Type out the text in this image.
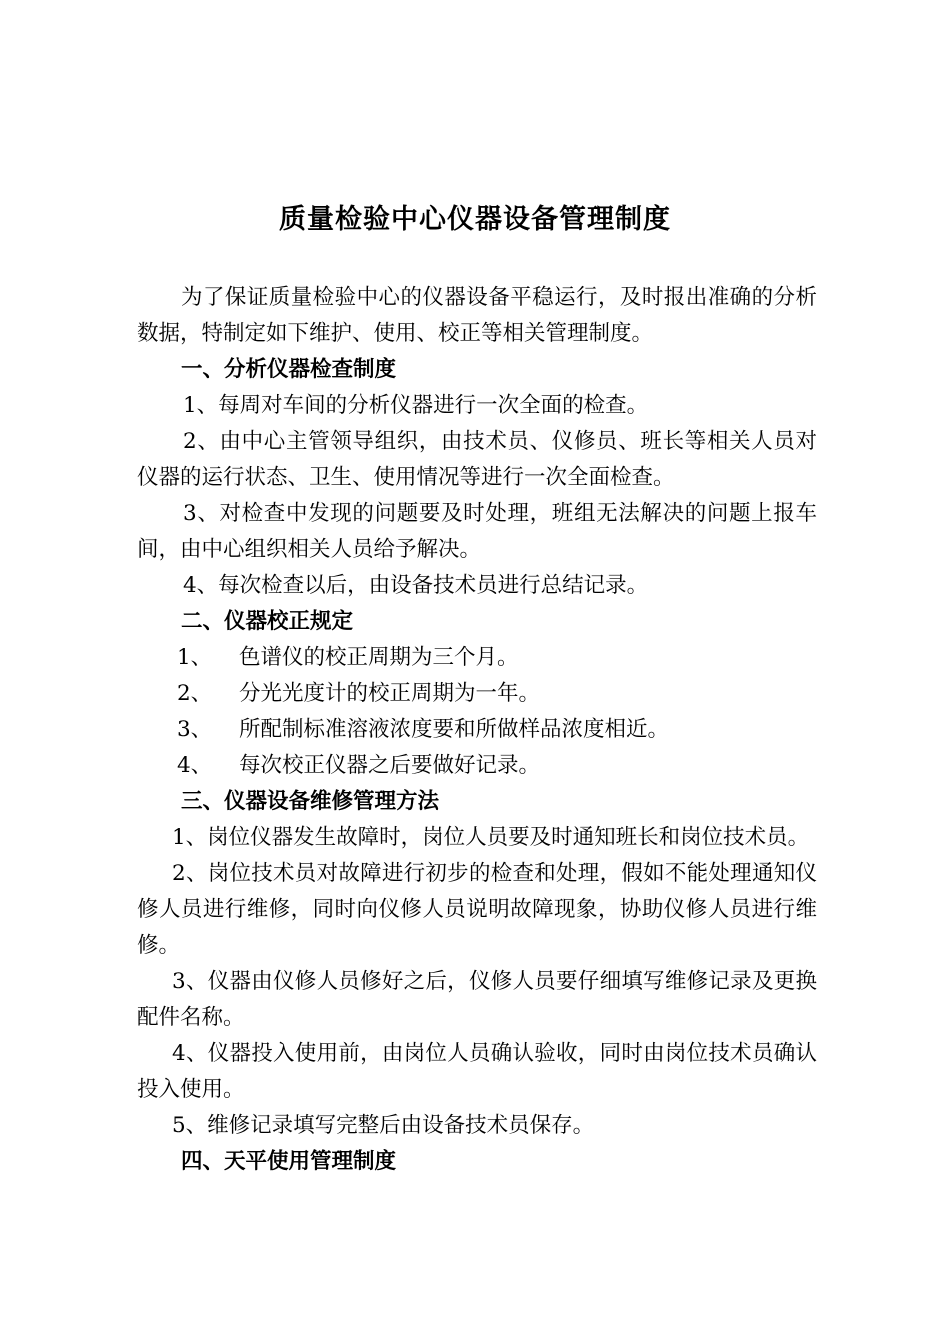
质量检验中心仪器设备管理制度

为了保证质量检验中心的仪器设备平稳运行，及时报出准确的分析数据，特制定如下维护、使用、校正等相关管理制度。

一、分析仪器检查制度

1、每周对车间的分析仪器进行一次全面的检查。

2、由中心主管领导组织，由技术员、仪修员、班长等相关人员对仪器的运行状态、卫生、使用情况等进行一次全面检查。

3、对检查中发现的问题要及时处理，班组无法解决的问题上报车间，由中心组织相关人员给予解决。

4、每次检查以后，由设备技术员进行总结记录。

二、仪器校正规定

1、 色谱仪的校正周期为三个月。

2、 分光光度计的校正周期为一年。

3、 所配制标准溶液浓度要和所做样品浓度相近。

4、 每次校正仪器之后要做好记录。

三、仪器设备维修管理方法

1、岗位仪器发生故障时，岗位人员要及时通知班长和岗位技术员。

2、岗位技术员对故障进行初步的检查和处理，假如不能处理通知仪修人员进行维修，同时向仪修人员说明故障现象，协助仪修人员进行维修。

3、仪器由仪修人员修好之后，仪修人员要仔细填写维修记录及更换配件名称。

4、仪器投入使用前，由岗位人员确认验收，同时由岗位技术员确认投入使用。

5、维修记录填写完整后由设备技术员保存。

四、天平使用管理制度
